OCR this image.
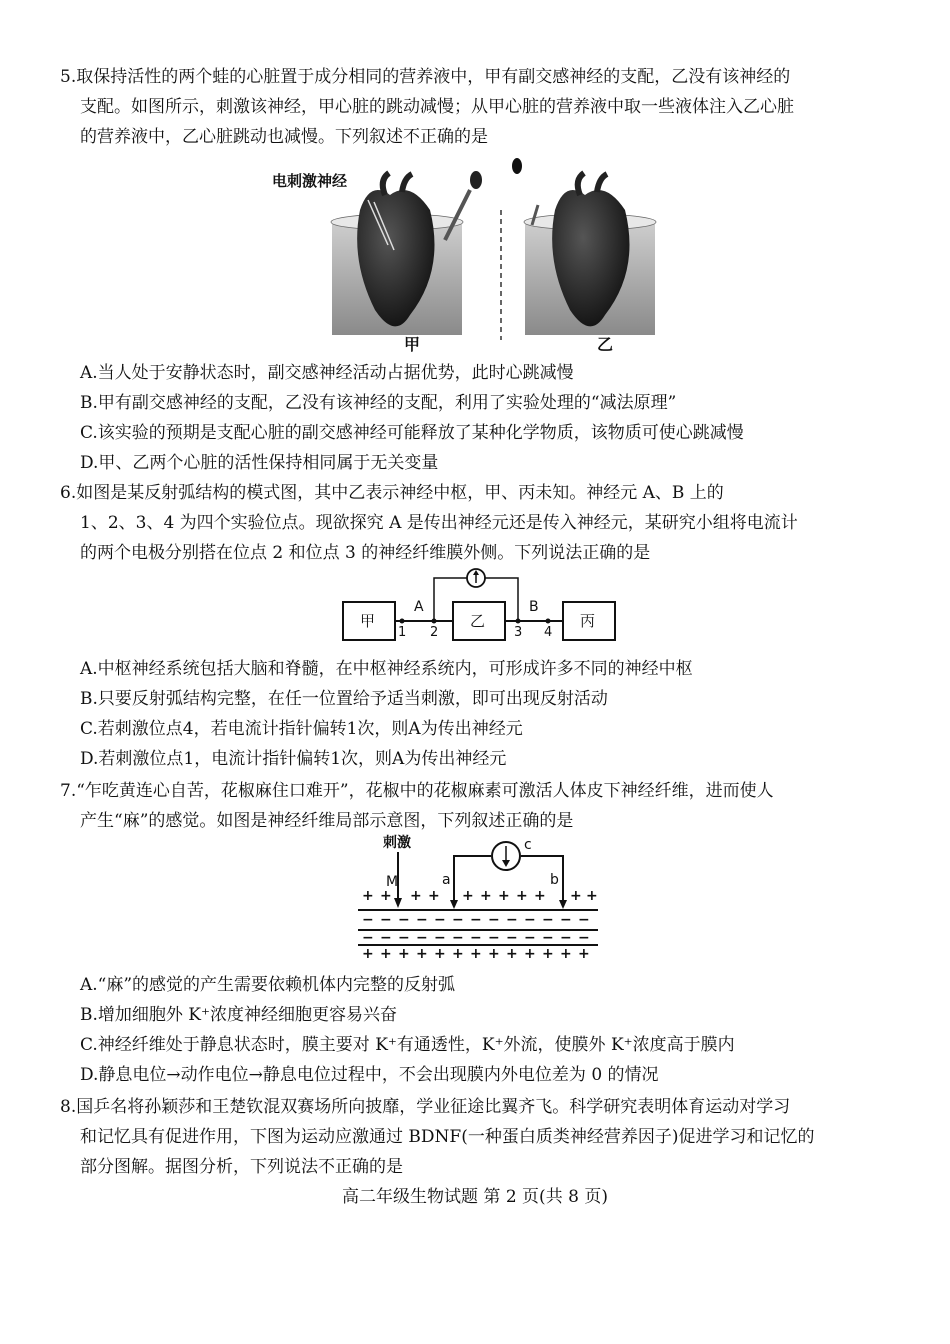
5.取保持活性的两个蛙的心脏置于成分相同的营养液中，甲有副交感神经的支配，乙没有该神经的
支配。如图所示，刺激该神经，甲心脏的跳动减慢；从甲心脏的营养液中取一些液体注入乙心脏
的营养液中，乙心脏跳动也减慢。下列叙述不正确的是
电刺激神经
甲	乙
A.当人处于安静状态时，副交感神经活动占据优势，此时心跳减慢
B.甲有副交感神经的支配，乙没有该神经的支配，利用了实验处理的“减法原理”
C.该实验的预期是支配心脏的副交感神经可能释放了某种化学物质，该物质可使心跳减慢
D.甲、乙两个心脏的活性保持相同属于无关变量
6.如图是某反射弧结构的模式图，其中乙表示神经中枢，甲、丙未知。神经元 A、B 上的
1、2、3、4 为四个实验位点。现欲探究 A 是传出神经元还是传入神经元，某研究小组将电流计
的两个电极分别搭在位点 2 和位点 3 的神经纤维膜外侧。下列说法正确的是
甲	乙	丙
A	B
1 2	3 4
A.中枢神经系统包括大脑和脊髓，在中枢神经系统内，可形成许多不同的神经中枢
B.只要反射弧结构完整，在任一位置给予适当刺激，即可出现反射活动
C.若刺激位点4，若电流计指针偏转1次，则A为传出神经元
D.若刺激位点1，电流计指针偏转1次，则A为传出神经元
7.“乍吃黄连心自苦，花椒麻住口难开”，花椒中的花椒麻素可激活人体皮下神经纤维，进而使人
产生“麻”的感觉。如图是神经纤维局部示意图，下列叙述正确的是
刺激
M	a	b
c
+ + + + + + + + + + +
− − − − − − − − − − − − −
− − − − − − − − − − − − −
+ + + + + + + + + + + + +
A.“麻”的感觉的产生需要依赖机体内完整的反射弧
B.增加细胞外 K⁺浓度神经细胞更容易兴奋
C.神经纤维处于静息状态时，膜主要对 K⁺有通透性，K⁺外流，使膜外 K⁺浓度高于膜内
D.静息电位→动作电位→静息电位过程中，不会出现膜内外电位差为 0 的情况
8.国乒名将孙颖莎和王楚钦混双赛场所向披靡，学业征途比翼齐飞。科学研究表明体育运动对学习
和记忆具有促进作用，下图为运动应激通过 BDNF(一种蛋白质类神经营养因子)促进学习和记忆的
部分图解。据图分析，下列说法不正确的是
高二年级生物试题 第 2 页(共 8 页)
